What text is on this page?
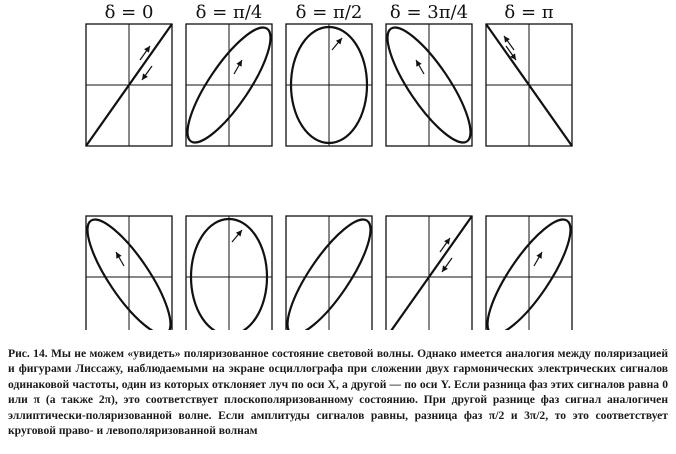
δ = 0 δ = π/4 δ = π/2 δ = 3π/4 δ = π
Рис. 14. Мы не можем «увидеть» поляризованное состояние световой волны. Однако имеется аналогия между поляризацией и фигурами Лиссажу, наблюдаемыми на экране осциллографа при сложении двух гармонических электрических сигналов одинаковой частоты, один из которых отклоняет луч по оси X, а другой — по оси Y. Если разница фаз этих сигналов равна 0 или π (а также 2π), это соответствует плоскополяризованному состоянию. При другой разнице фаз сигнал аналогичен эллиптически-поляризованной волне. Если амплитуды сигналов равны, разница фаз π/2 и 3π/2, то это соответствует круговой право- и левополяризованной волнам
